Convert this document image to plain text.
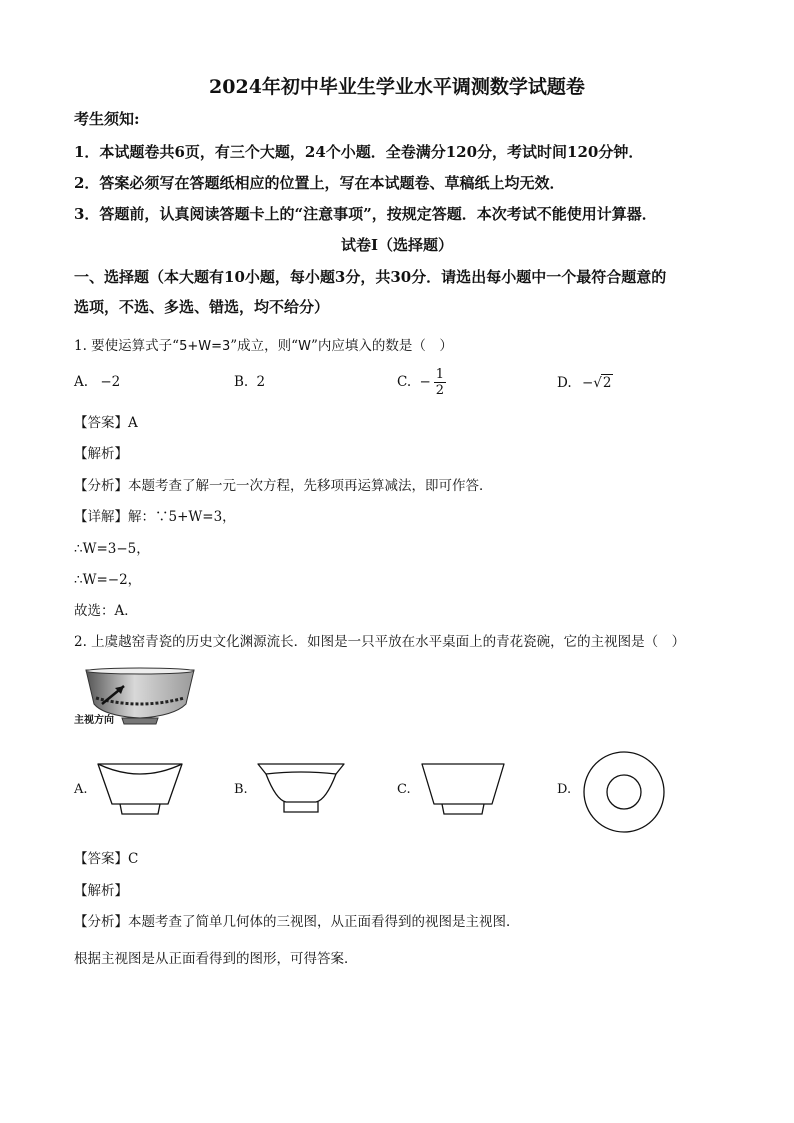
2024年初中毕业生学业水平调测数学试题卷
考生须知:
1．本试题卷共6页，有三个大题，24个小题．全卷满分120分，考试时间120分钟．
2．答案必须写在答题纸相应的位置上，写在本试题卷、草稿纸上均无效．
3．答题前，认真阅读答题卡上的“注意事项”，按规定答题．本次考试不能使用计算器．
试卷Ⅰ（选择题）
一、选择题（本大题有10小题，每小题3分，共30分．请选出每小题中一个最符合题意的
选项，不选、多选、错选，均不给分）
1. 要使运算式子“5+W=3”成立，则“W”内应填入的数是（　）
A. −2	B. 2	C. − $\frac{1}{2}$	D. −√2
【答案】A
【解析】
【分析】本题考查了解一元一次方程，先移项再运算减法，即可作答．
【详解】解：∵5+W=3，
∴W=3−5，
∴W=−2，
故选：A．
2. 上虞越窑青瓷的历史文化渊源流长．如图是一只平放在水平桌面上的青花瓷碗，它的主视图是（　）
主视方向
A.	B.	C.	D.
【答案】C
【解析】
【分析】本题考查了简单几何体的三视图，从正面看得到的视图是主视图．
根据主视图是从正面看得到的图形，可得答案．
